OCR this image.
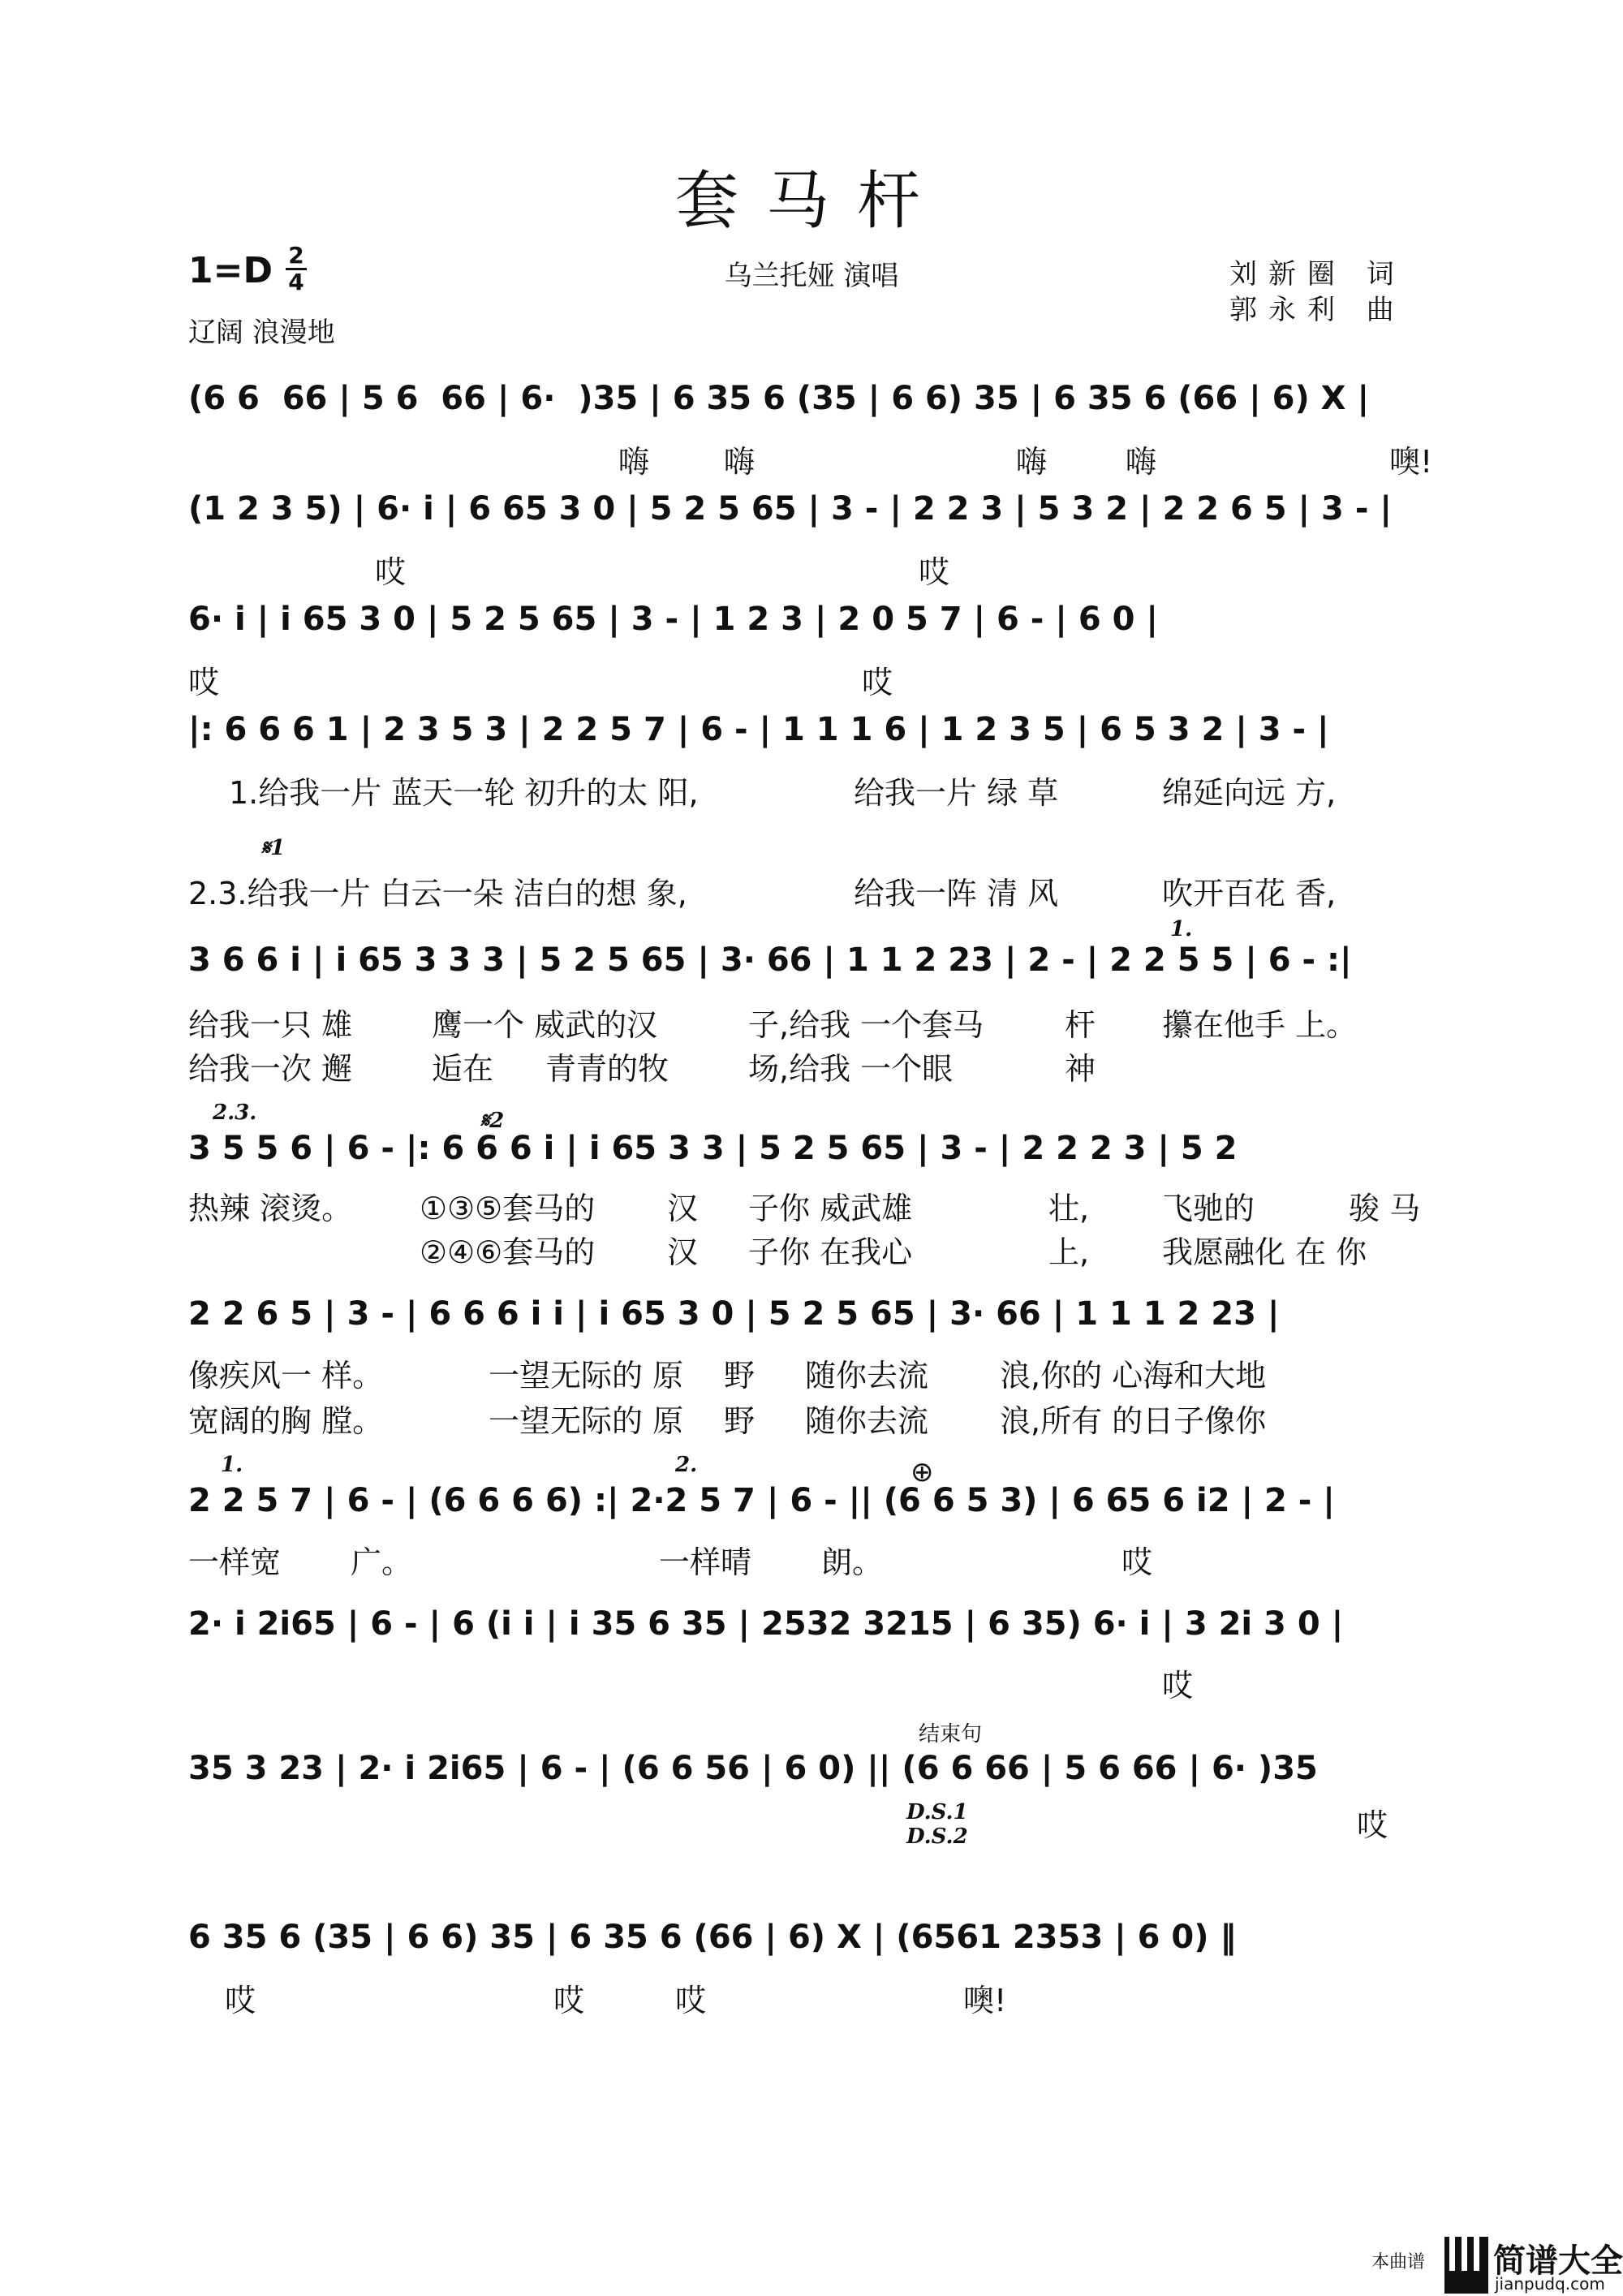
套马杆
1=D 2
4
辽阔 浪漫地
乌兰托娅 演唱	刘新圈 词
郭永利 曲
(6 6  66 | 5 6  66 | 6·  )35 | 6 35 6 (35 | 6 6) 35 | 6 35 6 (66 | 6) X |
嗨 嗨	嗨	嗨	噢!
(1 2 3 5) | 6· i | 6 65 3 0 | 5 2 5 65 | 3 - | 2 2 3 | 5 3 2 | 2 2 6 5 | 3 - |
哎	哎
6· i | i 65 3 0 | 5 2 5 65 | 3 - | 1 2 3 | 2 0 5 7 | 6 - | 6 0 |
哎	哎
|: 6 6 6 1 | 2 3 5 3 | 2 2 5 7 | 6 - | 1 1 1 6 | 1 2 3 5 | 6 5 3 2 | 3 - |
1.给我一片 蓝天一轮 初升的太 阳,	给我一片 绿 草	绵延向远 方,
𝄋1
2.3.给我一片 白云一朵 洁白的想 象,	给我一阵 清 风	吹开百花 香,
1.
3 6 6 i | i 65 3 3 3 | 5 2 5 65 | 3· 66 | 1 1 2 23 | 2 - | 2 2 5 5 | 6 - :|
给我一只 雄	鹰一个 威武的汉	子,给我 一个套马	杆 攥在他手 上。
给我一次 邂	逅在 青青的牧	场,给我 一个眼	神
2.3.	𝄋2
3 5 5 6 | 6 - |: 6 6 6 i | i 65 3 3 | 5 2 5 65 | 3 - | 2 2 2 3 | 5 2
热辣 滚烫。 ①③⑤套马的 汉 子你 威武雄	壮, 飞驰的	骏 马
②④⑥套马的 汉 子你 在我心	上, 我愿融化 在 你
2 2 6 5 | 3 - | 6 6 6 i i | i 65 3 0 | 5 2 5 65 | 3· 66 | 1 1 1 2 23 |
像疾风一 样。	一望无际的 原 野 随你去流 浪,你的 心海和大地
宽阔的胸 膛。	一望无际的 原 野 随你去流 浪,所有 的日子像你
1.	2.	⊕
2 2 5 7 | 6 - | (6 6 6 6) :| 2·2 5 7 | 6 - || (6 6 5 3) | 6 65 6 i2 | 2 - |
一样宽 广。	一样晴 朗。	哎
2· i 2i65 | 6 - | 6 (i i | i 35 6 35 | 2532 3215 | 6 35) 6· i | 3 2i 3 0 |
哎
结束句
35 3 23 | 2· i 2i65 | 6 - | (6 6 56 | 6 0) || (6 6 66 | 5 6 66 | 6· )35
D.S.1
D.S.2	哎
6 35 6 (35 | 6 6) 35 | 6 35 6 (66 | 6) X | (6561 2353 | 6 0) ‖
哎	哎	哎	噢!
本曲谱 简谱大全
jianpudq.com
